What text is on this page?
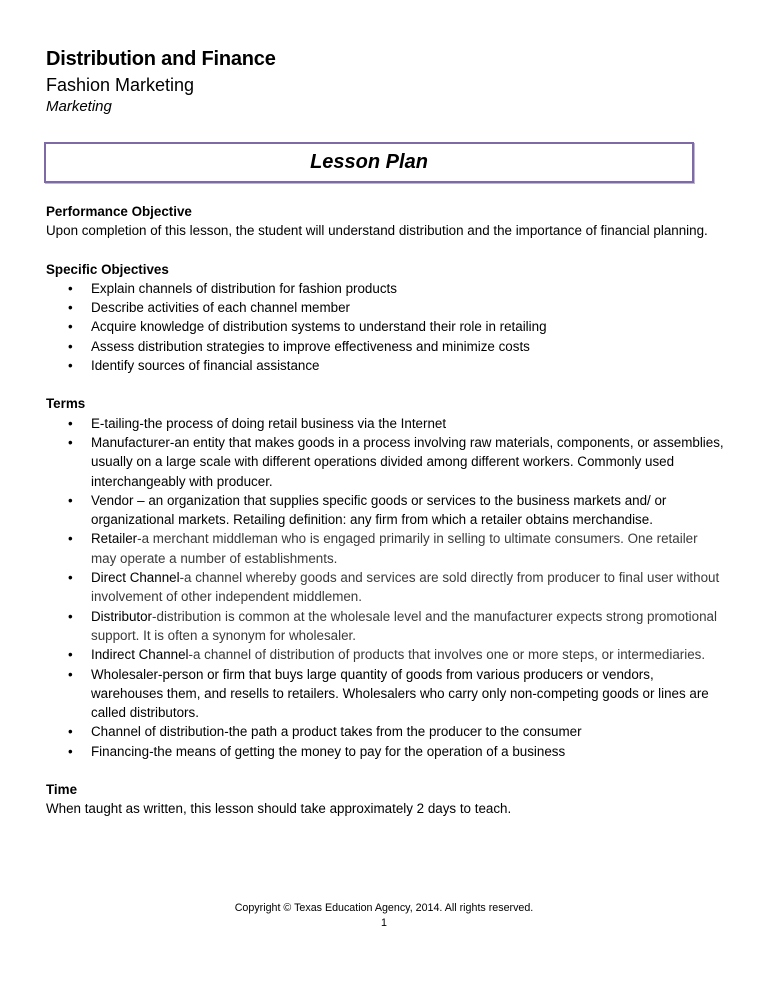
Distribution and Finance
Fashion Marketing
Marketing
Lesson Plan
Performance Objective
Upon completion of this lesson, the student will understand distribution and the importance of financial planning.
Specific Objectives
• Explain channels of distribution for fashion products
• Describe activities of each channel member
• Acquire knowledge of distribution systems to understand their role in retailing
• Assess distribution strategies to improve effectiveness and minimize costs
• Identify sources of financial assistance
Terms
• E-tailing-the process of doing retail business via the Internet
• Manufacturer-an entity that makes goods in a process involving raw materials, components, or assemblies, usually on a large scale with different operations divided among different workers. Commonly used interchangeably with producer.
• Vendor – an organization that supplies specific goods or services to the business markets and/ or organizational markets. Retailing definition: any firm from which a retailer obtains merchandise.
• Retailer-a merchant middleman who is engaged primarily in selling to ultimate consumers. One retailer may operate a number of establishments.
• Direct Channel-a channel whereby goods and services are sold directly from producer to final user without involvement of other independent middlemen.
• Distributor-distribution is common at the wholesale level and the manufacturer expects strong promotional support. It is often a synonym for wholesaler.
• Indirect Channel-a channel of distribution of products that involves one or more steps, or intermediaries.
• Wholesaler-person or firm that buys large quantity of goods from various producers or vendors, warehouses them, and resells to retailers. Wholesalers who carry only non-competing goods or lines are called distributors.
• Channel of distribution-the path a product takes from the producer to the consumer
• Financing-the means of getting the money to pay for the operation of a business
Time
When taught as written, this lesson should take approximately 2 days to teach.
Copyright © Texas Education Agency, 2014. All rights reserved.
1
